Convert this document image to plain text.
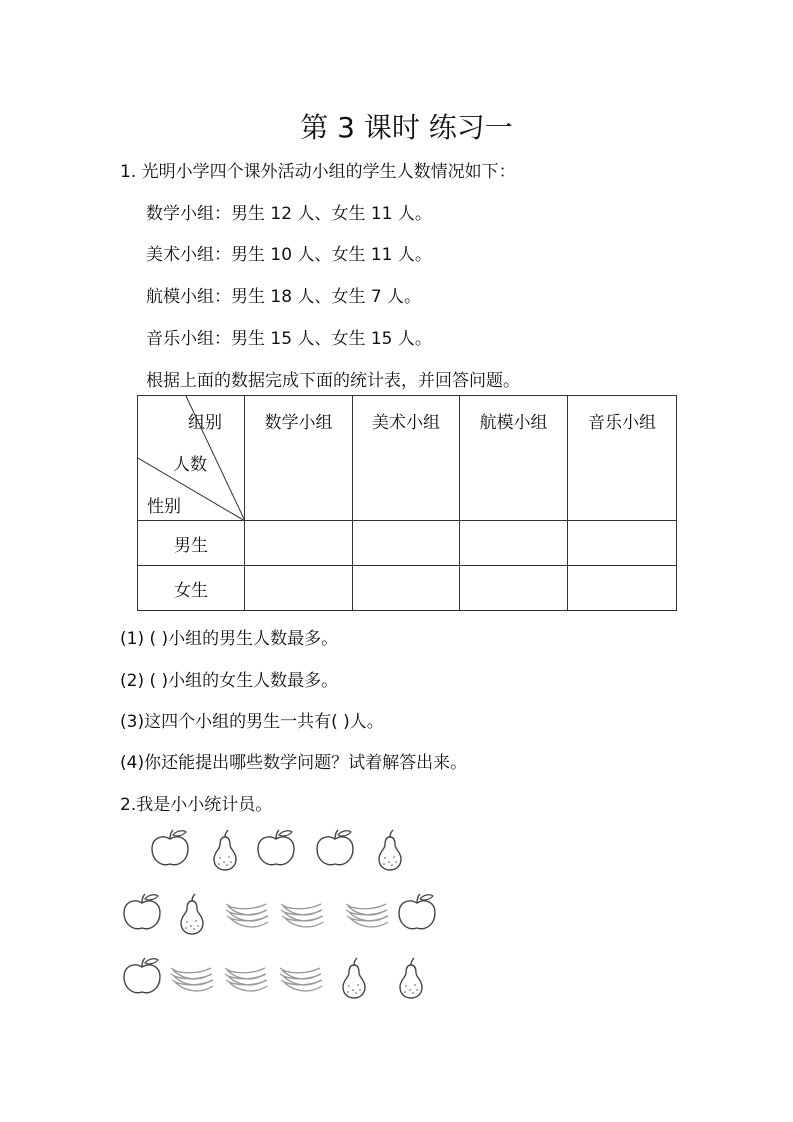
第 3 课时 练习一
1. 光明小学四个课外活动小组的学生人数情况如下：
数学小组：男生 12 人、女生 11 人。
美术小组：男生 10 人、女生 11 人。
航模小组：男生 18 人、女生 7 人。
音乐小组：男生 15 人、女生 15 人。
根据上面的数据完成下面的统计表，并回答问题。
组别
人数
性别	数学小组	美术小组	航模小组	音乐小组

男生				
女生				
(1) ( )小组的男生人数最多。
(2) ( )小组的女生人数最多。
(3)这四个小组的男生一共有( )人。
(4)你还能提出哪些数学问题？试着解答出来。
2.我是小小统计员。
